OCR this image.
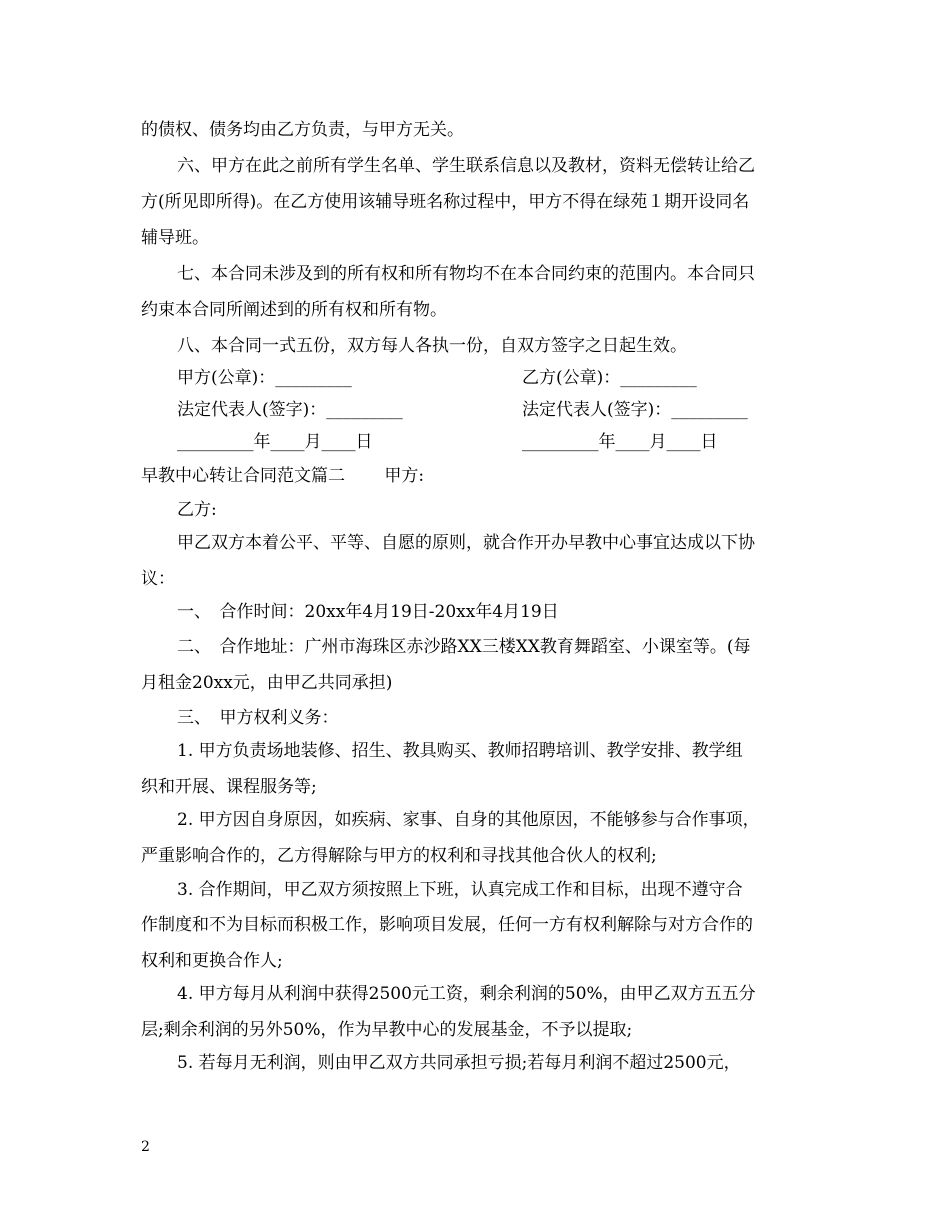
的债权、债务均由乙方负责，与甲方无关。
六、甲方在此之前所有学生名单、学生联系信息以及教材，资料无偿转让给乙
方(所见即所得)。在乙方使用该辅导班名称过程中，甲方不得在绿苑１期开设同名
辅导班。
七、本合同未涉及到的所有权和所有物均不在本合同约束的范围内。本合同只
约束本合同所阐述到的所有权和所有物。
八、本合同一式五份，双方每人各执一份，自双方签字之日起生效。
甲方(公章)：_________	乙方(公章)：_________
法定代表人(签字)：_________	法定代表人(签字)：_________
_________年____月____日	_________年____月____日
早教中心转让合同范文篇二　　 甲方:
乙方:
甲乙双方本着公平、平等、自愿的原则，就合作开办早教中心事宜达成以下协
议：
一、　合作时间：20xx年4月19日-20xx年4月19日
二、　合作地址：广州市海珠区赤沙路XX三楼XX教育舞蹈室、小课室等。(每
月租金20xx元，由甲乙共同承担)
三、　甲方权利义务：
1. 甲方负责场地装修、招生、教具购买、教师招聘培训、教学安排、教学组
织和开展、课程服务等;
2. 甲方因自身原因，如疾病、家事、自身的其他原因，不能够参与合作事项，
严重影响合作的，乙方得解除与甲方的权利和寻找其他合伙人的权利;
3. 合作期间，甲乙双方须按照上下班，认真完成工作和目标，出现不遵守合
作制度和不为目标而积极工作，影响项目发展，任何一方有权利解除与对方合作的
权利和更换合作人;
4. 甲方每月从利润中获得2500元工资，剩余利润的50%，由甲乙双方五五分
层;剩余利润的另外50%，作为早教中心的发展基金，不予以提取;
5. 若每月无利润，则由甲乙双方共同承担亏损;若每月利润不超过2500元，
2
